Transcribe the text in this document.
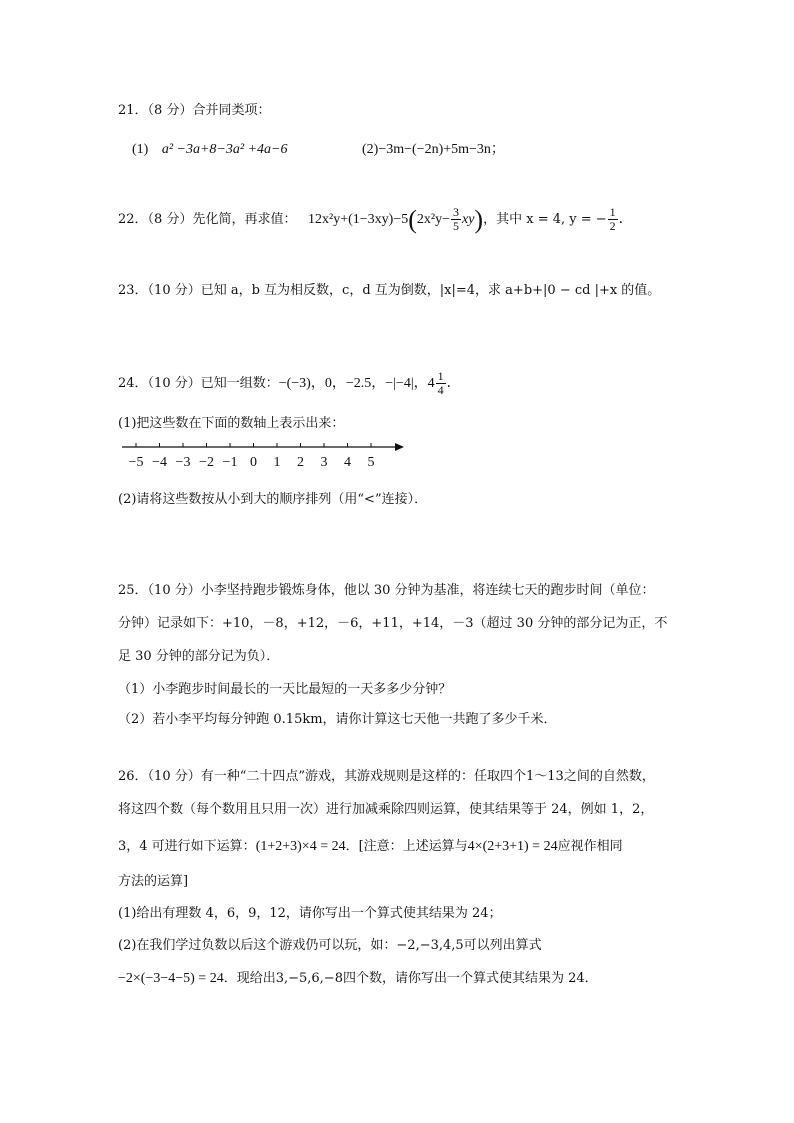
21．（8 分）合并同类项：
(1) a² −3a+8−3a² +4a−6	(2)−3m−(−2n)+5m−3n；
22．（8 分）先化简，再求值： $12x^2y+(1-3xy)-5(2x^2y- \frac{3}{5} xy)$，其中 x = 4, y = − $\frac{1}{2}$ ．
23．（10 分）已知 a，b 互为相反数，c，d 互为倒数，|x|=4，求 a+b+|0 − cd |+x 的值。
24．（10 分）已知一组数：−(−3)，0，−2.5，−|−4|，$4 \frac{1}{4}$ ．
(1)把这些数在下面的数轴上表示出来：
−5 −4 −3 −2 −1 0 1 2 3 4 5
(2)请将这些数按从小到大的顺序排列（用“<”连接）．
25．（10 分）小李坚持跑步锻炼身体，他以 30 分钟为基准，将连续七天的跑步时间（单位：
分钟）记录如下：+10，－8，+12，－6，+11，+14，－3（超过 30 分钟的部分记为正，不
足 30 分钟的部分记为负）．
（1）小李跑步时间最长的一天比最短的一天多多少分钟？
（2）若小李平均每分钟跑 0.15km，请你计算这七天他一共跑了多少千米．
26．（10 分）有一种“二十四点”游戏，其游戏规则是这样的：任取四个1～13之间的自然数，
将这四个数（每个数用且只用一次）进行加减乘除四则运算，使其结果等于 24，例如 1，2，
3，4 可进行如下运算：(1+2+3)×4 = 24．[注意：上述运算与4×(2+3+1) = 24应视作相同
方法的运算]
(1)给出有理数 4，6，9，12，请你写出一个算式使其结果为 24；
(2)在我们学过负数以后这个游戏仍可以玩，如：−2,−3,4,5可以列出算式
−2×(−3−4−5) = 24．现给出3,−5,6,−8四个数，请你写出一个算式使其结果为 24．
